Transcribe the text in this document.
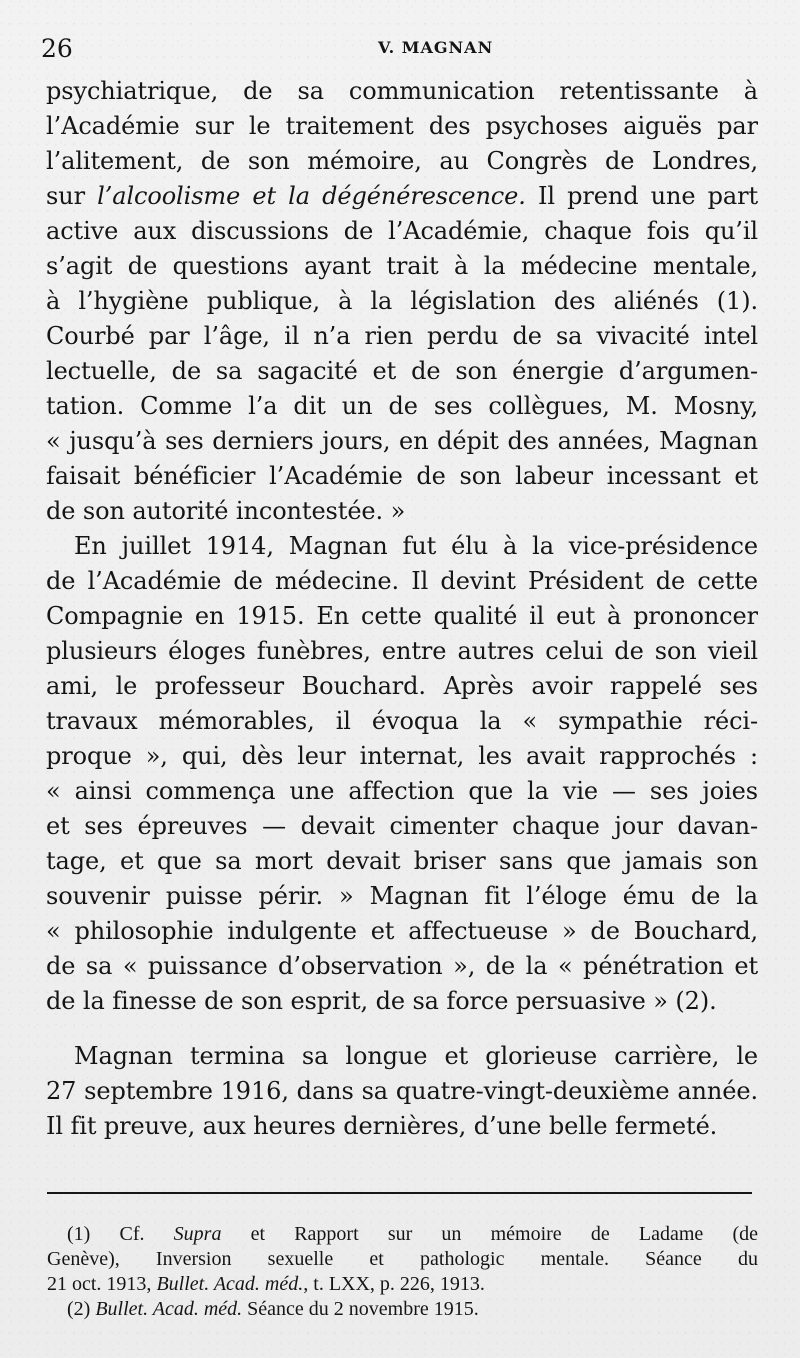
26	V. MAGNAN
psychiatrique, de sa communication retentissante à
l’Académie sur le traitement des psychoses aiguës par
l’alitement, de son mémoire, au Congrès de Londres,
sur l’alcoolisme et la dégénérescence. Il prend une part
active aux discussions de l’Académie, chaque fois qu’il
s’agit de questions ayant trait à la médecine mentale,
à l’hygiène publique, à la législation des aliénés (1).
Courbé par l’âge, il n’a rien perdu de sa vivacité intel
lectuelle, de sa sagacité et de son énergie d’argumen-
tation. Comme l’a dit un de ses collègues, M. Mosny,
« jusqu’à ses derniers jours, en dépit des années, Magnan
faisait bénéficier l’Académie de son labeur incessant et
de son autorité incontestée. »
En juillet 1914, Magnan fut élu à la vice-présidence
de l’Académie de médecine. Il devint Président de cette
Compagnie en 1915. En cette qualité il eut à prononcer
plusieurs éloges funèbres, entre autres celui de son vieil
ami, le professeur Bouchard. Après avoir rappelé ses
travaux mémorables, il évoqua la « sympathie réci-
proque », qui, dès leur internat, les avait rapprochés :
« ainsi commença une affection que la vie — ses joies
et ses épreuves — devait cimenter chaque jour davan-
tage, et que sa mort devait briser sans que jamais son
souvenir puisse périr. » Magnan fit l’éloge ému de la
« philosophie indulgente et affectueuse » de Bouchard,
de sa « puissance d’observation », de la « pénétration et
de la finesse de son esprit, de sa force persuasive » (2).
Magnan termina sa longue et glorieuse carrière, le
27 septembre 1916, dans sa quatre-vingt-deuxième année.
Il fit preuve, aux heures dernières, d’une belle fermeté.
(1) Cf. Supra et Rapport sur un mémoire de Ladame (de
Genève), Inversion sexuelle et pathologic mentale. Séance du
21 oct. 1913, Bullet. Acad. méd., t. LXX, p. 226, 1913.
(2) Bullet. Acad. méd. Séance du 2 novembre 1915.
